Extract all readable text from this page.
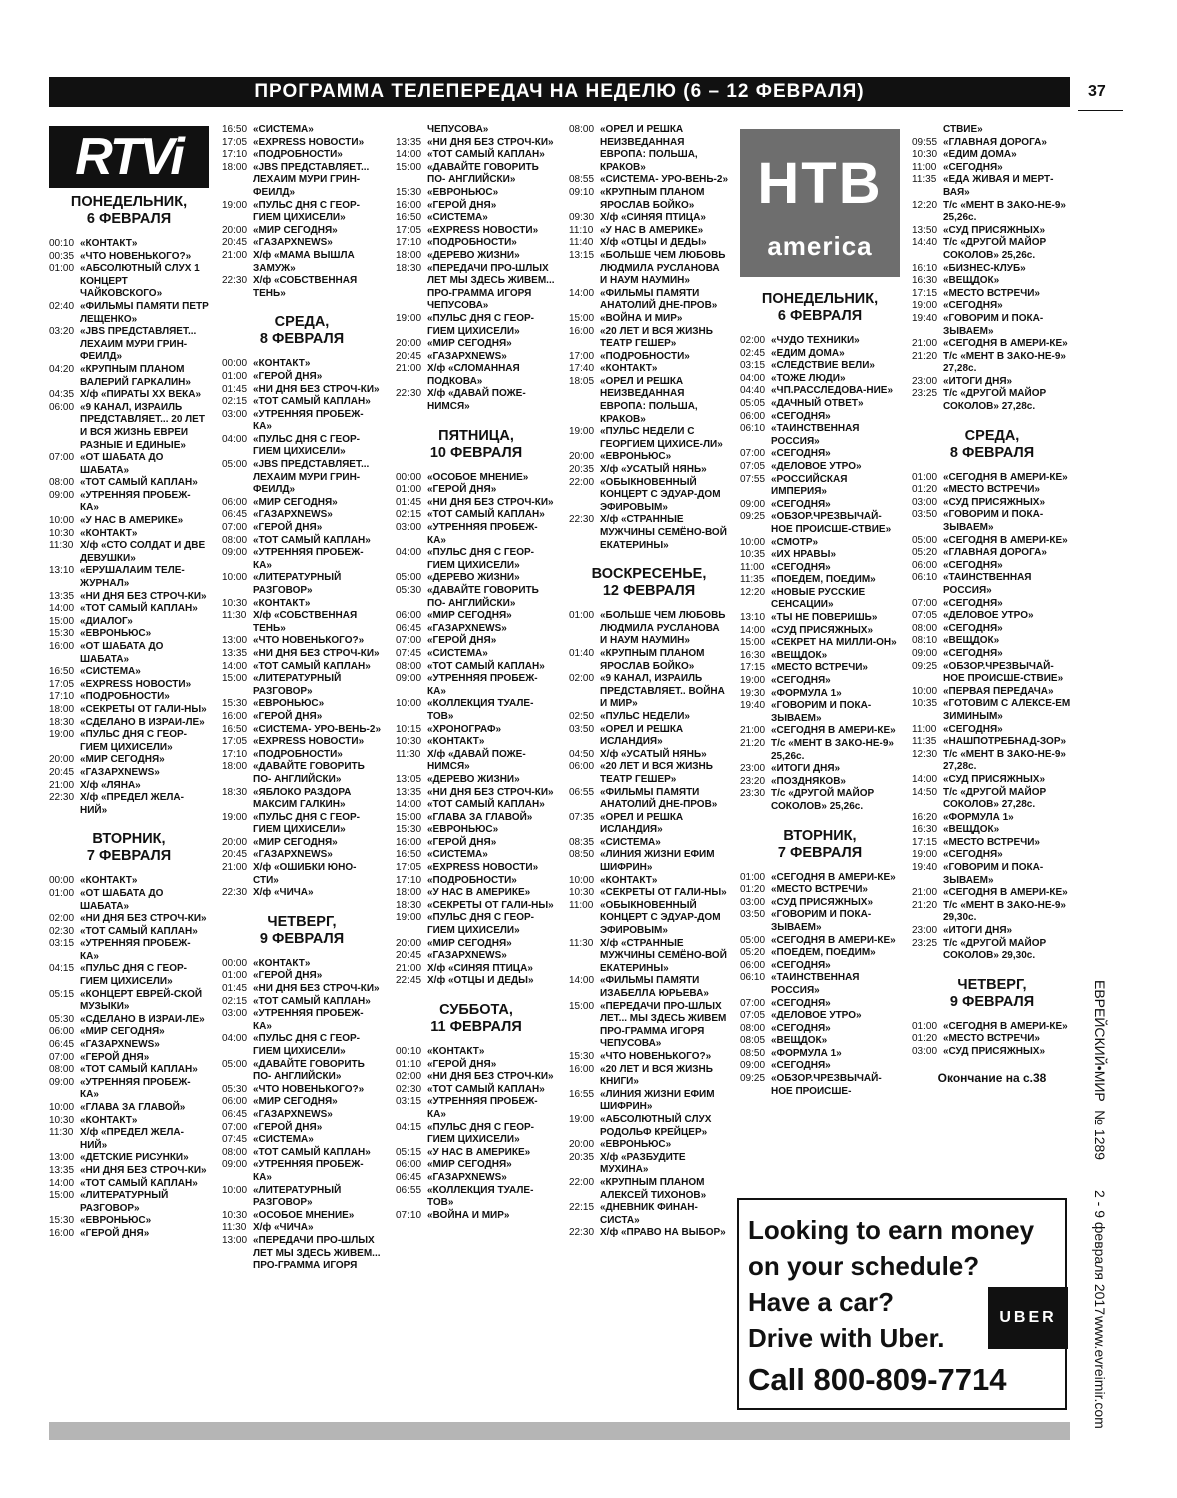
ПРОГРАММА ТЕЛЕПЕРЕДАЧ НА НЕДЕЛЮ (6 – 12 ФЕВРАЛЯ)	37
RTVi
ПОНЕДЕЛЬНИК,
6 ФЕВРАЛЯ
00:10 «КОНТАКТ»
00:35 «ЧТО НОВЕНЬКОГО?»
01:00 «АБСОЛЮТНЫЙ СЛУХ 1 КОНЦЕРТ ЧАЙКОВСКОГО»
02:40 «ФИЛЬМЫ ПАМЯТИ ПЕТР ЛЕЩЕНКО»
03:20 «JBS ПРЕДСТАВЛЯЕТ... ЛЕХАИМ МУРИ ГРИН-ФЕИЛД»
04:20 «КРУПНЫМ ПЛАНОМ ВАЛЕРИЙ ГАРКАЛИН»
04:35 Х/ф «ПИРАТЫ XX ВЕКА»
06:00 «9 КАНАЛ, ИЗРАИЛЬ ПРЕДСТАВЛЯЕТ... 20 ЛЕТ И ВСЯ ЖИЗНЬ ЕВРЕИ РАЗНЫЕ И ЕДИНЫЕ»
07:00 «ОТ ШАБАТА ДО ШАБАТА»
08:00 «ТОТ САМЫЙ КАПЛАН»
09:00 «УТРЕННЯЯ ПРОБЕЖ-КА»
10:00 «У НАС В АМЕРИКЕ»
10:30 «КОНТАКТ»
11:30 Х/ф «СТО СОЛДАТ И ДВЕ ДЕВУШКИ»
13:10 «ЕРУШАЛАИМ ТЕЛЕ-ЖУРНАЛ»
13:35 «НИ ДНЯ БЕЗ СТРОЧ-КИ»
14:00 «ТОТ САМЫЙ КАПЛАН»
15:00 «ДИАЛОГ»
15:30 «ЕВРОНЬЮС»
16:00 «ОТ ШАБАТА ДО ШАБАТА»
16:50 «СИСТЕМА»
17:05 «EXPRESS НОВОСТИ»
17:10 «ПОДРОБНОСТИ»
18:00 «СЕКРЕТЫ ОТ ГАЛИ-НЫ»
18:30 «СДЕЛАНО В ИЗРАИ-ЛЕ»
19:00 «ПУЛЬС ДНЯ С ГЕОР-ГИЕМ ЦИХИСЕЛИ»
20:00 «МИР СЕГОДНЯ»
20:45 «ГАЗАРХNEWS»
21:00 Х/ф «ЛЯНА»
22:30 Х/ф «ПРЕДЕЛ ЖЕЛА-НИЙ»
ВТОРНИК,
7 ФЕВРАЛЯ
00:00 «КОНТАКТ»
01:00 «ОТ ШАБАТА ДО ШАБАТА»
02:00 «НИ ДНЯ БЕЗ СТРОЧ-КИ»
02:30 «ТОТ САМЫЙ КАПЛАН»
03:15 «УТРЕННЯЯ ПРОБЕЖ-КА»
04:15 «ПУЛЬС ДНЯ С ГЕОР-ГИЕМ ЦИХИСЕЛИ»
05:15 «КОНЦЕРТ ЕВРЕЙ-СКОЙ МУЗЫКИ»
05:30 «СДЕЛАНО В ИЗРАИ-ЛЕ»
06:00 «МИР СЕГОДНЯ»
06:45 «ГАЗАРХNEWS»
07:00 «ГЕРОЙ ДНЯ»
08:00 «ТОТ САМЫЙ КАПЛАН»
09:00 «УТРЕННЯЯ ПРОБЕЖ-КА»
10:00 «ГЛАВА ЗА ГЛАВОЙ»
10:30 «КОНТАКТ»
11:30 Х/ф «ПРЕДЕЛ ЖЕЛА-НИЙ»
13:00 «ДЕТСКИЕ РИСУНКИ»
13:35 «НИ ДНЯ БЕЗ СТРОЧ-КИ»
14:00 «ТОТ САМЫЙ КАПЛАН»
15:00 «ЛИТЕРАТУРНЫЙ РАЗГОВОР»
15:30 «ЕВРОНЬЮС»
16:00 «ГЕРОЙ ДНЯ»
16:50 «СИСТЕМА»
17:05 «EXPRESS НОВОСТИ»
17:10 «ПОДРОБНОСТИ»
18:00 «JBS ПРЕДСТАВЛЯЕТ... ЛЕХАИМ МУРИ ГРИН-ФЕИЛД»
19:00 «ПУЛЬС ДНЯ С ГЕОР-ГИЕМ ЦИХИСЕЛИ»
20:00 «МИР СЕГОДНЯ»
20:45 «ГАЗАРХNEWS»
21:00 Х/ф «МАМА ВЫШЛА ЗАМУЖ»
22:30 Х/ф «СОБСТВЕННАЯ ТЕНЬ»
СРЕДА,
8 ФЕВРАЛЯ
00:00 «КОНТАКТ»
01:00 «ГЕРОЙ ДНЯ»
01:45 «НИ ДНЯ БЕЗ СТРОЧ-КИ»
02:15 «ТОТ САМЫЙ КАПЛАН»
03:00 «УТРЕННЯЯ ПРОБЕЖ-КА»
04:00 «ПУЛЬС ДНЯ С ГЕОР-ГИЕМ ЦИХИСЕЛИ»
05:00 «JBS ПРЕДСТАВЛЯЕТ... ЛЕХАИМ МУРИ ГРИН-ФЕИЛД»
06:00 «МИР СЕГОДНЯ»
06:45 «ГАЗАРХNEWS»
07:00 «ГЕРОЙ ДНЯ»
08:00 «ТОТ САМЫЙ КАПЛАН»
09:00 «УТРЕННЯЯ ПРОБЕЖ-КА»
10:00 «ЛИТЕРАТУРНЫЙ РАЗГОВОР»
10:30 «КОНТАКТ»
11:30 Х/ф «СОБСТВЕННАЯ ТЕНЬ»
13:00 «ЧТО НОВЕНЬКОГО?»
13:35 «НИ ДНЯ БЕЗ СТРОЧ-КИ»
14:00 «ТОТ САМЫЙ КАПЛАН»
15:00 «ЛИТЕРАТУРНЫЙ РАЗГОВОР»
15:30 «ЕВРОНЬЮС»
16:00 «ГЕРОЙ ДНЯ»
16:50 «СИСТЕМА- УРО-ВЕНЬ-2»
17:05 «EXPRESS НОВОСТИ»
17:10 «ПОДРОБНОСТИ»
18:00 «ДАВАЙТЕ ГОВОРИТЬ ПО- АНГЛИЙСКИ»
18:30 «ЯБЛОКО РАЗДОРА МАКСИМ ГАЛКИН»
19:00 «ПУЛЬС ДНЯ С ГЕОР-ГИЕМ ЦИХИСЕЛИ»
20:00 «МИР СЕГОДНЯ»
20:45 «ГАЗАРХNEWS»
21:00 Х/ф «ОШИБКИ ЮНО-СТИ»
22:30 Х/ф «ЧИЧА»
ЧЕТВЕРГ,
9 ФЕВРАЛЯ
00:00 «КОНТАКТ»
01:00 «ГЕРОЙ ДНЯ»
01:45 «НИ ДНЯ БЕЗ СТРОЧ-КИ»
02:15 «ТОТ САМЫЙ КАПЛАН»
03:00 «УТРЕННЯЯ ПРОБЕЖ-КА»
04:00 «ПУЛЬС ДНЯ С ГЕОР-ГИЕМ ЦИХИСЕЛИ»
05:00 «ДАВАЙТЕ ГОВОРИТЬ ПО- АНГЛИЙСКИ»
05:30 «ЧТО НОВЕНЬКОГО?»
06:00 «МИР СЕГОДНЯ»
06:45 «ГАЗАРХNEWS»
07:00 «ГЕРОЙ ДНЯ»
07:45 «СИСТЕМА»
08:00 «ТОТ САМЫЙ КАПЛАН»
09:00 «УТРЕННЯЯ ПРОБЕЖ-КА»
10:00 «ЛИТЕРАТУРНЫЙ РАЗГОВОР»
10:30 «ОСОБОЕ МНЕНИЕ»
11:30 Х/ф «ЧИЧА»
13:00 «ПЕРЕДАЧИ ПРО-ШЛЫХ ЛЕТ МЫ ЗДЕСЬ ЖИВЕМ... ПРО-ГРАММА ИГОРЯ
ЧЕПУСОВА»
13:35 «НИ ДНЯ БЕЗ СТРОЧ-КИ»
14:00 «ТОТ САМЫЙ КАПЛАН»
15:00 «ДАВАЙТЕ ГОВОРИТЬ ПО- АНГЛИЙСКИ»
15:30 «ЕВРОНЬЮС»
16:00 «ГЕРОЙ ДНЯ»
16:50 «СИСТЕМА»
17:05 «EXPRESS НОВОСТИ»
17:10 «ПОДРОБНОСТИ»
18:00 «ДЕРЕВО ЖИЗНИ»
18:30 «ПЕРЕДАЧИ ПРО-ШЛЫХ ЛЕТ МЫ ЗДЕСЬ ЖИВЕМ... ПРО-ГРАММА ИГОРЯ ЧЕПУСОВА»
19:00 «ПУЛЬС ДНЯ С ГЕОР-ГИЕМ ЦИХИСЕЛИ»
20:00 «МИР СЕГОДНЯ»
20:45 «ГАЗАРХNEWS»
21:00 Х/ф «СЛОМАННАЯ ПОДКОВА»
22:30 Х/ф «ДАВАЙ ПОЖЕ-НИМСЯ»
ПЯТНИЦА,
10 ФЕВРАЛЯ
00:00 «ОСОБОЕ МНЕНИЕ»
01:00 «ГЕРОЙ ДНЯ»
01:45 «НИ ДНЯ БЕЗ СТРОЧ-КИ»
02:15 «ТОТ САМЫЙ КАПЛАН»
03:00 «УТРЕННЯЯ ПРОБЕЖ-КА»
04:00 «ПУЛЬС ДНЯ С ГЕОР-ГИЕМ ЦИХИСЕЛИ»
05:00 «ДЕРЕВО ЖИЗНИ»
05:30 «ДАВАЙТЕ ГОВОРИТЬ ПО- АНГЛИЙСКИ»
06:00 «МИР СЕГОДНЯ»
06:45 «ГАЗАРХNEWS»
07:00 «ГЕРОЙ ДНЯ»
07:45 «СИСТЕМА»
08:00 «ТОТ САМЫЙ КАПЛАН»
09:00 «УТРЕННЯЯ ПРОБЕЖ-КА»
10:00 «КОЛЛЕКЦИЯ ТУАЛЕ-ТОВ»
10:15 «ХРОНОГРАФ»
10:30 «КОНТАКТ»
11:30 Х/ф «ДАВАЙ ПОЖЕ-НИМСЯ»
13:05 «ДЕРЕВО ЖИЗНИ»
13:35 «НИ ДНЯ БЕЗ СТРОЧ-КИ»
14:00 «ТОТ САМЫЙ КАПЛАН»
15:00 «ГЛАВА ЗА ГЛАВОЙ»
15:30 «ЕВРОНЬЮС»
16:00 «ГЕРОЙ ДНЯ»
16:50 «СИСТЕМА»
17:05 «EXPRESS НОВОСТИ»
17:10 «ПОДРОБНОСТИ»
18:00 «У НАС В АМЕРИКЕ»
18:30 «СЕКРЕТЫ ОТ ГАЛИ-НЫ»
19:00 «ПУЛЬС ДНЯ С ГЕОР-ГИЕМ ЦИХИСЕЛИ»
20:00 «МИР СЕГОДНЯ»
20:45 «ГАЗАРХNEWS»
21:00 Х/ф «СИНЯЯ ПТИЦА»
22:45 Х/ф «ОТЦЫ И ДЕДЫ»
СУББОТА,
11 ФЕВРАЛЯ
00:10 «КОНТАКТ»
01:10 «ГЕРОЙ ДНЯ»
02:00 «НИ ДНЯ БЕЗ СТРОЧ-КИ»
02:30 «ТОТ САМЫЙ КАПЛАН»
03:15 «УТРЕННЯЯ ПРОБЕЖ-КА»
04:15 «ПУЛЬС ДНЯ С ГЕОР-ГИЕМ ЦИХИСЕЛИ»
05:15 «У НАС В АМЕРИКЕ»
06:00 «МИР СЕГОДНЯ»
06:45 «ГАЗАРХNEWS»
06:55 «КОЛЛЕКЦИЯ ТУАЛЕ-ТОВ»
07:10 «ВОЙНА И МИР»
08:00 «ОРЕЛ И РЕШКА НЕИЗВЕДАННАЯ ЕВРОПА: ПОЛЬША, КРАКОВ»
08:55 «СИСТЕМА- УРО-ВЕНЬ-2»
09:10 «КРУПНЫМ ПЛАНОМ ЯРОСЛАВ БОЙКО»
09:30 Х/ф «СИНЯЯ ПТИЦА»
11:10 «У НАС В АМЕРИКЕ»
11:40 Х/ф «ОТЦЫ И ДЕДЫ»
13:15 «БОЛЬШЕ ЧЕМ ЛЮБОВЬ ЛЮДМИЛА РУСЛАНОВА И НАУМ НАУМИН»
14:00 «ФИЛЬМЫ ПАМЯТИ АНАТОЛИЙ ДНЕ-ПРОВ»
15:00 «ВОЙНА И МИР»
16:00 «20 ЛЕТ И ВСЯ ЖИЗНЬ ТЕАТР ГЕШЕР»
17:00 «ПОДРОБНОСТИ»
17:40 «КОНТАКТ»
18:05 «ОРЕЛ И РЕШКА НЕИЗВЕДАННАЯ ЕВРОПА: ПОЛЬША, КРАКОВ»
19:00 «ПУЛЬС НЕДЕЛИ С ГЕОРГИЕМ ЦИХИСЕ-ЛИ»
20:00 «ЕВРОНЬЮС»
20:35 Х/ф «УСАТЫЙ НЯНЬ»
22:00 «ОБЫКНОВЕННЫЙ КОНЦЕРТ С ЭДУАР-ДОМ ЭФИРОВЫМ»
22:30 Х/ф «СТРАННЫЕ МУЖЧИНЫ СЕМЁНО-ВОЙ ЕКАТЕРИНЫ»
ВОСКРЕСЕНЬЕ,
12 ФЕВРАЛЯ
01:00 «БОЛЬШЕ ЧЕМ ЛЮБОВЬ ЛЮДМИЛА РУСЛАНОВА И НАУМ НАУМИН»
01:40 «КРУПНЫМ ПЛАНОМ ЯРОСЛАВ БОЙКО»
02:00 «9 КАНАЛ, ИЗРАИЛЬ ПРЕДСТАВЛЯЕТ.. ВОЙНА И МИР»
02:50 «ПУЛЬС НЕДЕЛИ»
03:50 «ОРЕЛ И РЕШКА ИСЛАНДИЯ»
04:50 Х/ф «УСАТЫЙ НЯНЬ»
06:00 «20 ЛЕТ И ВСЯ ЖИЗНЬ ТЕАТР ГЕШЕР»
06:55 «ФИЛЬМЫ ПАМЯТИ АНАТОЛИЙ ДНЕ-ПРОВ»
07:35 «ОРЕЛ И РЕШКА ИСЛАНДИЯ»
08:35 «СИСТЕМА»
08:50 «ЛИНИЯ ЖИЗНИ ЕФИМ ШИФРИН»
10:00 «КОНТАКТ»
10:30 «СЕКРЕТЫ ОТ ГАЛИ-НЫ»
11:00 «ОБЫКНОВЕННЫЙ КОНЦЕРТ С ЭДУАР-ДОМ ЭФИРОВЫМ»
11:30 Х/ф «СТРАННЫЕ МУЖЧИНЫ СЕМЁНО-ВОЙ ЕКАТЕРИНЫ»
14:00 «ФИЛЬМЫ ПАМЯТИ ИЗАБЕЛЛА ЮРЬЕВА»
15:00 «ПЕРЕДАЧИ ПРО-ШЛЫХ ЛЕТ... МЫ ЗДЕСЬ ЖИВЕМ ПРО-ГРАММА ИГОРЯ ЧЕПУСОВА»
15:30 «ЧТО НОВЕНЬКОГО?»
16:00 «20 ЛЕТ И ВСЯ ЖИЗНЬ КНИГИ»
16:55 «ЛИНИЯ ЖИЗНИ ЕФИМ ШИФРИН»
19:00 «АБСОЛЮТНЫЙ СЛУХ РОДОЛЬФ КРЕЙЦЕР»
20:00 «ЕВРОНЬЮС»
20:35 Х/ф «РАЗБУДИТЕ МУХИНА»
22:00 «КРУПНЫМ ПЛАНОМ АЛЕКСЕЙ ТИХОНОВ»
22:15 «ДНЕВНИК ФИНАН-СИСТА»
22:30 Х/ф «ПРАВО НА ВЫБОР»
НТВ
america
ПОНЕДЕЛЬНИК,
6 ФЕВРАЛЯ
02:00 «ЧУДО ТЕХНИКИ»
02:45 «ЕДИМ ДОМА»
03:15 «СЛЕДСТВИЕ ВЕЛИ»
04:00 «ТОЖЕ ЛЮДИ»
04:40 «ЧП.РАССЛЕДОВА-НИЕ»
05:05 «ДАЧНЫЙ ОТВЕТ»
06:00 «СЕГОДНЯ»
06:10 «ТАИНСТВЕННАЯ РОССИЯ»
07:00 «СЕГОДНЯ»
07:05 «ДЕЛОВОЕ УТРО»
07:55 «РОССИЙСКАЯ ИМПЕРИЯ»
09:00 «СЕГОДНЯ»
09:25 «ОБЗОР.ЧРЕЗВЫЧАЙ-НОЕ ПРОИСШЕ-СТВИЕ»
10:00 «СМОТР»
10:35 «ИХ НРАВЫ»
11:00 «СЕГОДНЯ»
11:35 «ПОЕДЕМ, ПОЕДИМ»
12:20 «НОВЫЕ РУССКИЕ СЕНСАЦИИ»
13:10 «ТЫ НЕ ПОВЕРИШЬ»
14:00 «СУД ПРИСЯЖНЫХ»
15:00 «СЕКРЕТ НА МИЛЛИ-ОН»
16:30 «ВЕЩДОК»
17:15 «МЕСТО ВСТРЕЧИ»
19:00 «СЕГОДНЯ»
19:30 «ФОРМУЛА 1»
19:40 «ГОВОРИМ И ПОКА-ЗЫВАЕМ»
21:00 «СЕГОДНЯ В АМЕРИ-КЕ»
21:20 Т/с «МЕНТ В ЗАКО-НЕ-9» 25,26с.
23:00 «ИТОГИ ДНЯ»
23:20 «ПОЗДНЯКОВ»
23:30 Т/с «ДРУГОЙ МАЙОР СОКОЛОВ» 25,26с.
ВТОРНИК,
7 ФЕВРАЛЯ
01:00 «СЕГОДНЯ В АМЕРИ-КЕ»
01:20 «МЕСТО ВСТРЕЧИ»
03:00 «СУД ПРИСЯЖНЫХ»
03:50 «ГОВОРИМ И ПОКА-ЗЫВАЕМ»
05:00 «СЕГОДНЯ В АМЕРИ-КЕ»
05:20 «ПОЕДЕМ, ПОЕДИМ»
06:00 «СЕГОДНЯ»
06:10 «ТАИНСТВЕННАЯ РОССИЯ»
07:00 «СЕГОДНЯ»
07:05 «ДЕЛОВОЕ УТРО»
08:00 «СЕГОДНЯ»
08:05 «ВЕЩДОК»
08:50 «ФОРМУЛА 1»
09:00 «СЕГОДНЯ»
09:25 «ОБЗОР.ЧРЕЗВЫЧАЙ-НОЕ ПРОИСШЕ-
СТВИЕ»
09:55 «ГЛАВНАЯ ДОРОГА»
10:30 «ЕДИМ ДОМА»
11:00 «СЕГОДНЯ»
11:35 «ЕДА ЖИВАЯ И МЕРТ-ВАЯ»
12:20 Т/с «МЕНТ В ЗАКО-НЕ-9» 25,26с.
13:50 «СУД ПРИСЯЖНЫХ»
14:40 Т/с «ДРУГОЙ МАЙОР СОКОЛОВ» 25,26с.
16:10 «БИЗНЕС-КЛУБ»
16:30 «ВЕЩДОК»
17:15 «МЕСТО ВСТРЕЧИ»
19:00 «СЕГОДНЯ»
19:40 «ГОВОРИМ И ПОКА-ЗЫВАЕМ»
21:00 «СЕГОДНЯ В АМЕРИ-КЕ»
21:20 Т/с «МЕНТ В ЗАКО-НЕ-9» 27,28с.
23:00 «ИТОГИ ДНЯ»
23:25 Т/с «ДРУГОЙ МАЙОР СОКОЛОВ» 27,28с.
СРЕДА,
8 ФЕВРАЛЯ
01:00 «СЕГОДНЯ В АМЕРИ-КЕ»
01:20 «МЕСТО ВСТРЕЧИ»
03:00 «СУД ПРИСЯЖНЫХ»
03:50 «ГОВОРИМ И ПОКА-ЗЫВАЕМ»
05:00 «СЕГОДНЯ В АМЕРИ-КЕ»
05:20 «ГЛАВНАЯ ДОРОГА»
06:00 «СЕГОДНЯ»
06:10 «ТАИНСТВЕННАЯ РОССИЯ»
07:00 «СЕГОДНЯ»
07:05 «ДЕЛОВОЕ УТРО»
08:00 «СЕГОДНЯ»
08:10 «ВЕЩДОК»
09:00 «СЕГОДНЯ»
09:25 «ОБЗОР.ЧРЕЗВЫЧАЙ-НОЕ ПРОИСШЕ-СТВИЕ»
10:00 «ПЕРВАЯ ПЕРЕДАЧА»
10:35 «ГОТОВИМ С АЛЕКСЕ-ЕМ ЗИМИНЫМ»
11:00 «СЕГОДНЯ»
11:35 «НАШПОТРЕБНАД-ЗОР»
12:30 Т/с «МЕНТ В ЗАКО-НЕ-9» 27,28с.
14:00 «СУД ПРИСЯЖНЫХ»
14:50 Т/с «ДРУГОЙ МАЙОР СОКОЛОВ» 27,28с.
16:20 «ФОРМУЛА 1»
16:30 «ВЕЩДОК»
17:15 «МЕСТО ВСТРЕЧИ»
19:00 «СЕГОДНЯ»
19:40 «ГОВОРИМ И ПОКА-ЗЫВАЕМ»
21:00 «СЕГОДНЯ В АМЕРИ-КЕ»
21:20 Т/с «МЕНТ В ЗАКО-НЕ-9» 29,30с.
23:00 «ИТОГИ ДНЯ»
23:25 Т/с «ДРУГОЙ МАЙОР СОКОЛОВ» 29,30с.
ЧЕТВЕРГ,
9 ФЕВРАЛЯ
01:00 «СЕГОДНЯ В АМЕРИ-КЕ»
01:20 «МЕСТО ВСТРЕЧИ»
03:00 «СУД ПРИСЯЖНЫХ»
Окончание на с.38
Looking to earn money
on your schedule?
Have a car?
Drive with Uber.
Call 800-809-7714
UBER
ЕВРЕЙСКИЙ•МИР
№ 1289
2 - 9 февраля 2017
www.evreimir.com
